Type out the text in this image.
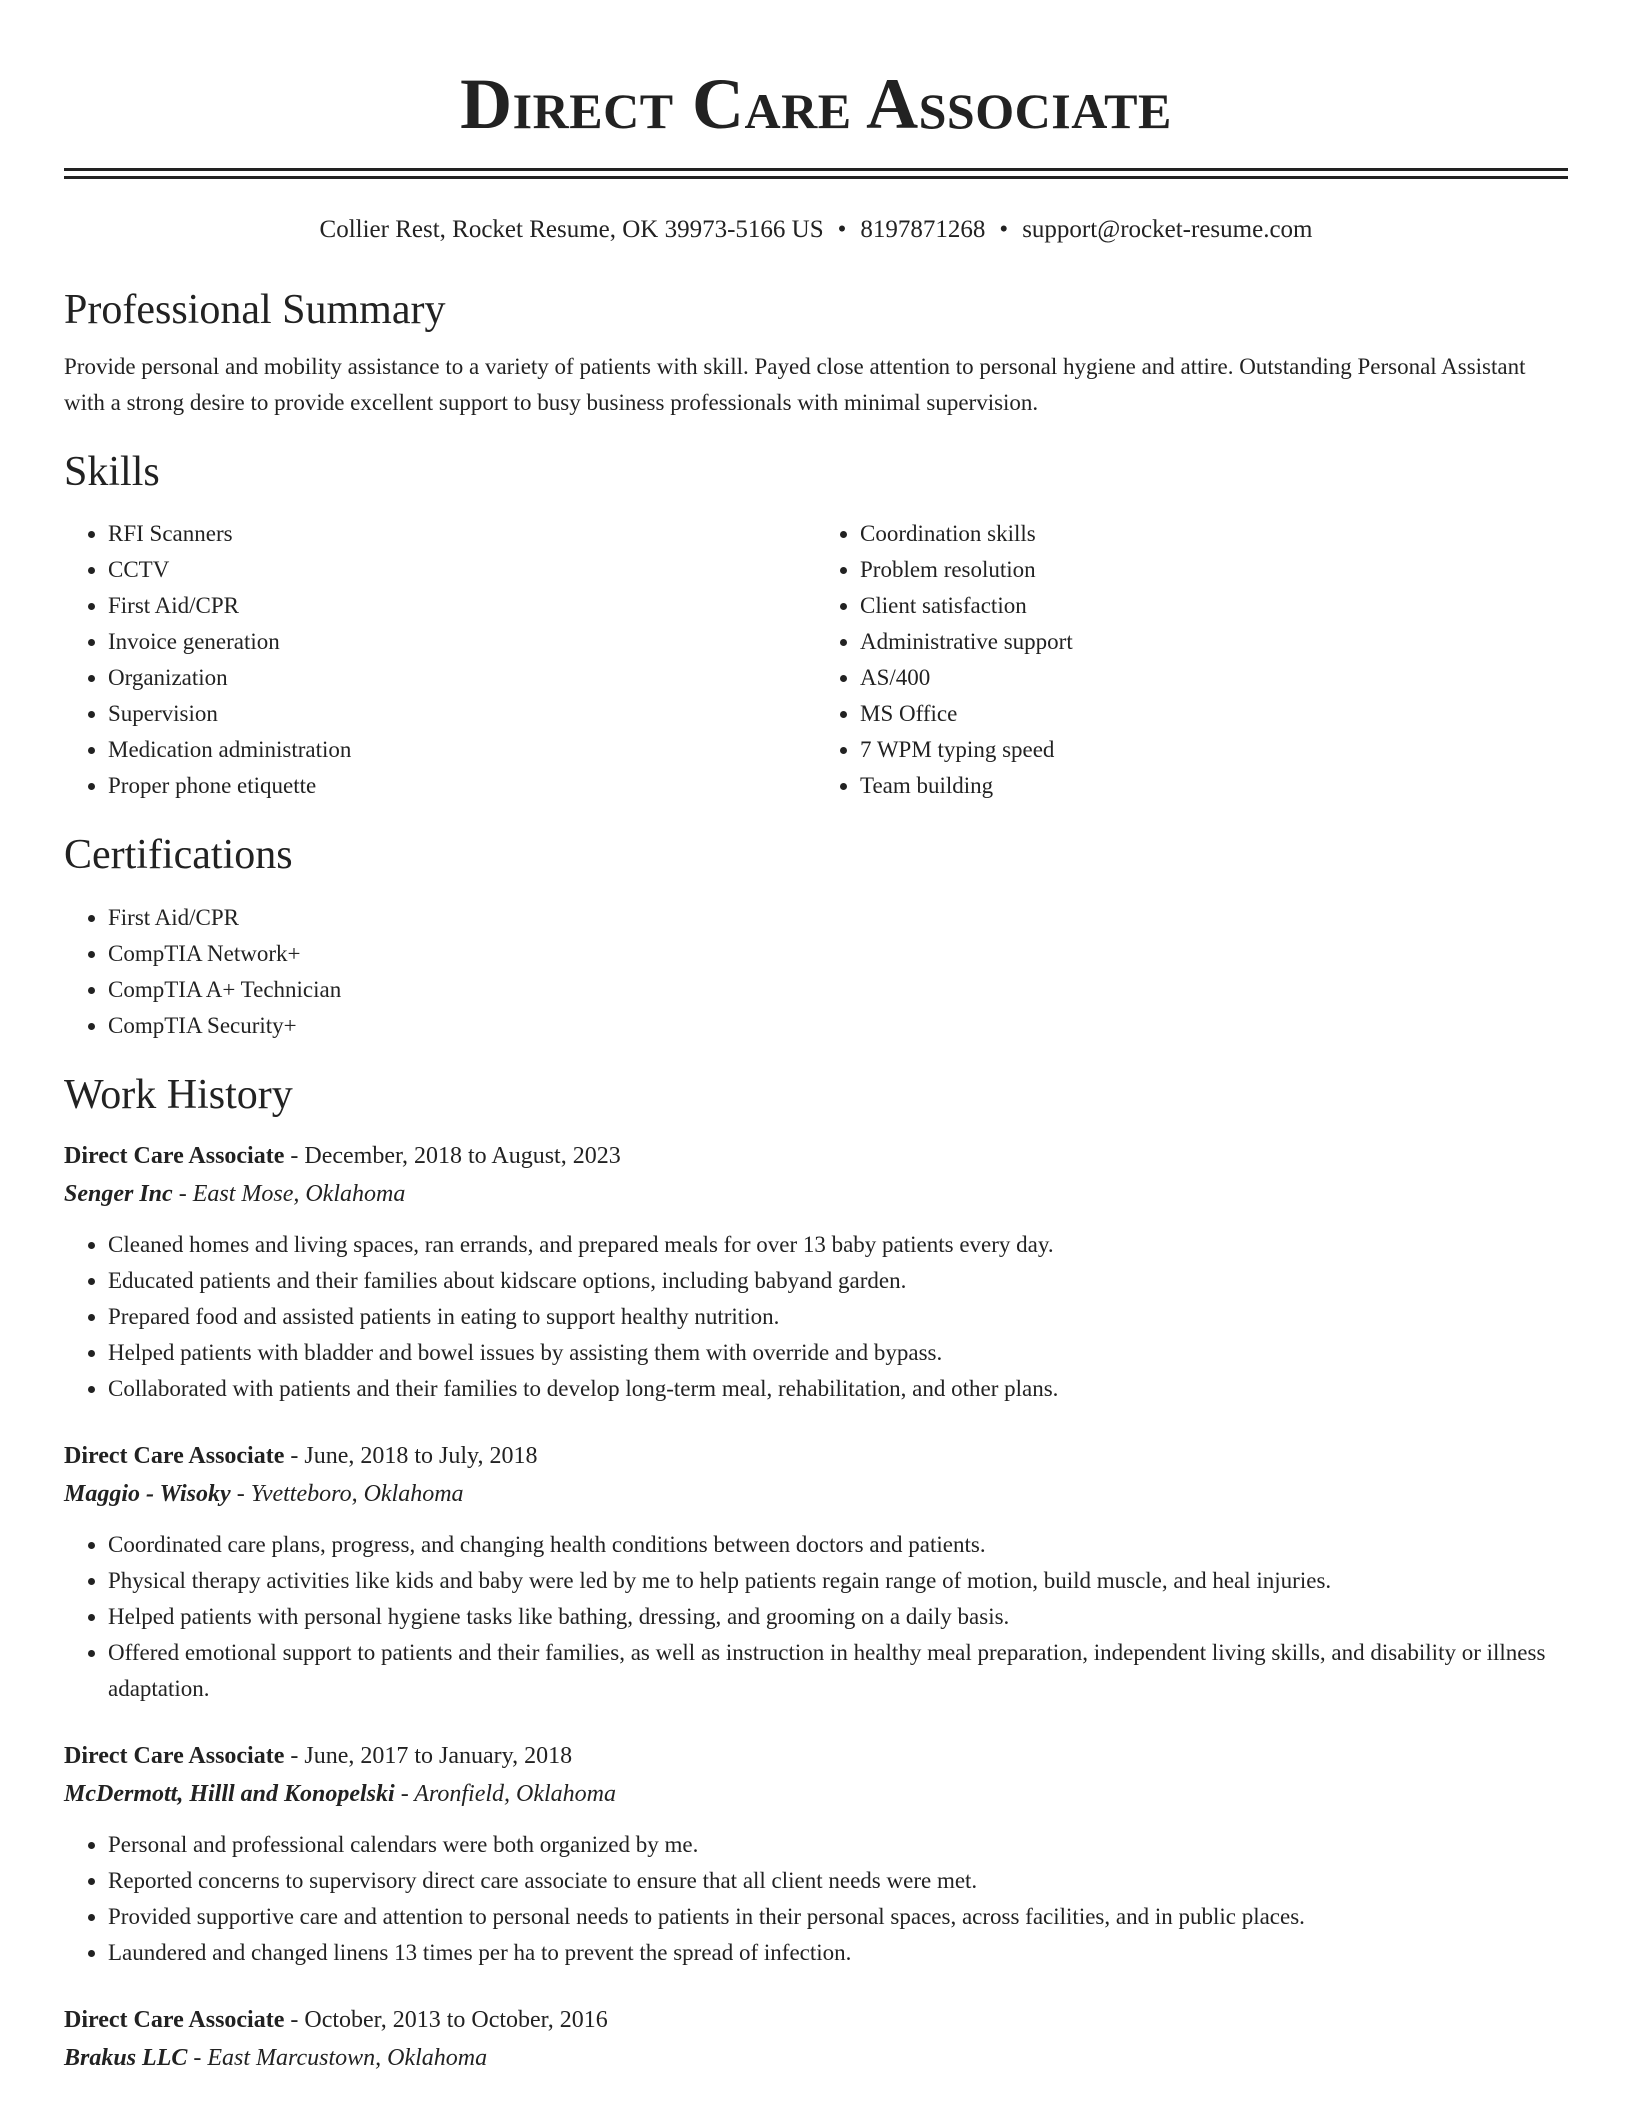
Direct Care Associate
Collier Rest, Rocket Resume, OK 39973-5166 US • 8197871268 • support@rocket-resume.com
Professional Summary

Provide personal and mobility assistance to a variety of patients with skill. Payed close attention to personal hygiene and attire. Outstanding Personal Assistant with a strong desire to provide excellent support to busy business professionals with minimal supervision.

Skills
• RFI Scanners
• CCTV
• First Aid/CPR
• Invoice generation
• Organization
• Supervision
• Medication administration
• Proper phone etiquette
• Coordination skills
• Problem resolution
• Client satisfaction
• Administrative support
• AS/400
• MS Office
• 7 WPM typing speed
• Team building
Certifications
• First Aid/CPR
• CompTIA Network+
• CompTIA A+ Technician
• CompTIA Security+
Work History
Direct Care Associate - December, 2018 to August, 2023
Senger Inc - East Mose, Oklahoma
• Cleaned homes and living spaces, ran errands, and prepared meals for over 13 baby patients every day.
• Educated patients and their families about kidscare options, including babyand garden.
• Prepared food and assisted patients in eating to support healthy nutrition.
• Helped patients with bladder and bowel issues by assisting them with override and bypass.
• Collaborated with patients and their families to develop long-term meal, rehabilitation, and other plans.
Direct Care Associate - June, 2018 to July, 2018
Maggio - Wisoky - Yvetteboro, Oklahoma
• Coordinated care plans, progress, and changing health conditions between doctors and patients.
• Physical therapy activities like kids and baby were led by me to help patients regain range of motion, build muscle, and heal injuries.
• Helped patients with personal hygiene tasks like bathing, dressing, and grooming on a daily basis.
• Offered emotional support to patients and their families, as well as instruction in healthy meal preparation, independent living skills, and disability or illness adaptation.
Direct Care Associate - June, 2017 to January, 2018
McDermott, Hilll and Konopelski - Aronfield, Oklahoma
• Personal and professional calendars were both organized by me.
• Reported concerns to supervisory direct care associate to ensure that all client needs were met.
• Provided supportive care and attention to personal needs to patients in their personal spaces, across facilities, and in public places.
• Laundered and changed linens 13 times per ha to prevent the spread of infection.
Direct Care Associate - October, 2013 to October, 2016
Brakus LLC - East Marcustown, Oklahoma
